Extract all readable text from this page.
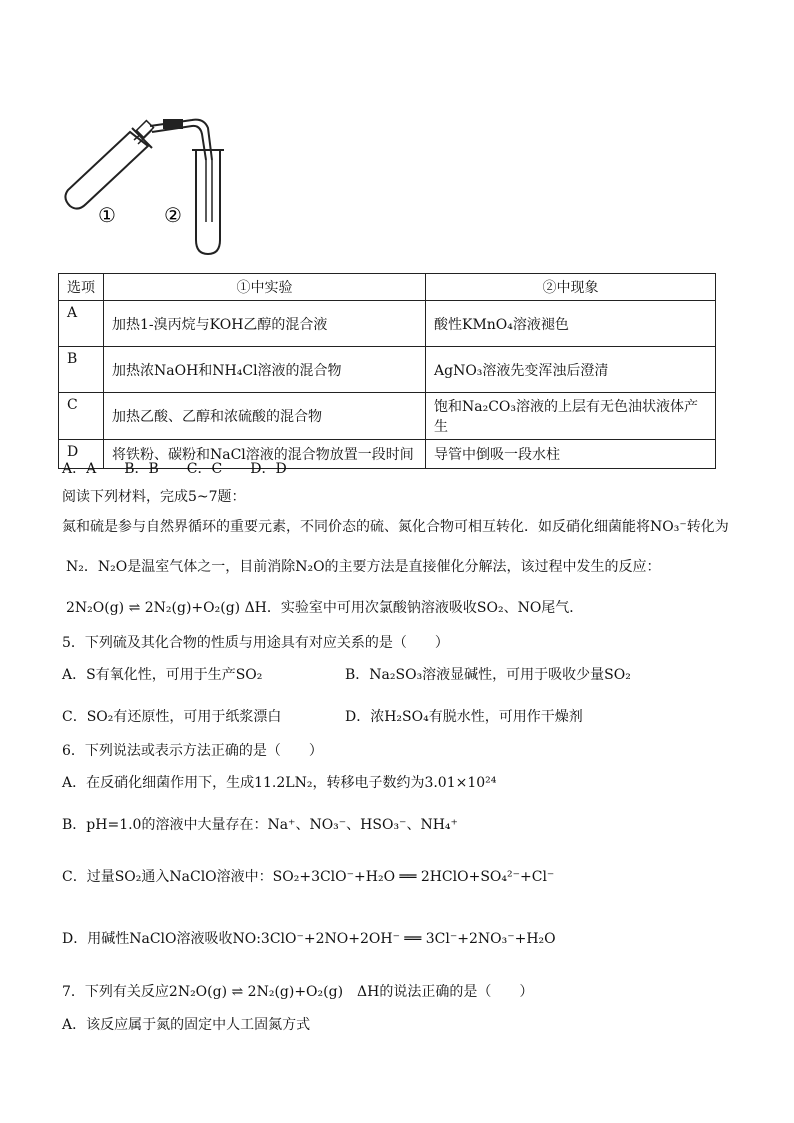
① ②
选项	①中实验	②中现象
A	加热1-溴丙烷与KOH乙醇的混合液	酸性KMnO₄溶液褪色
B	加热浓NaOH和NH₄Cl溶液的混合物	AgNO₃溶液先变浑浊后澄清
C	加热乙酸、乙醇和浓硫酸的混合物	饱和Na₂CO₃溶液的上层有无色油状液体产生
D	将铁粉、碳粉和NaCl溶液的混合物放置一段时间	导管中倒吸一段水柱
A．A　　B．B　　C．C　　D．D
阅读下列材料，完成5~7题：
氮和硫是参与自然界循环的重要元素，不同价态的硫、氮化合物可相互转化．如反硝化细菌能将NO₃⁻转化为
N₂．N₂O是温室气体之一，目前消除N₂O的主要方法是直接催化分解法，该过程中发生的反应：
2N₂O(g) ⇌ 2N₂(g)+O₂(g) ΔH．实验室中可用次氯酸钠溶液吸收SO₂、NO尾气．
5．下列硫及其化合物的性质与用途具有对应关系的是（　　）
A．S有氧化性，可用于生产SO₂	B．Na₂SO₃溶液显碱性，可用于吸收少量SO₂
C．SO₂有还原性，可用于纸浆漂白	D．浓H₂SO₄有脱水性，可用作干燥剂
6．下列说法或表示方法正确的是（　　）
A．在反硝化细菌作用下，生成11.2LN₂，转移电子数约为3.01×10²⁴
B．pH=1.0的溶液中大量存在：Na⁺、NO₃⁻、HSO₃⁻、NH₄⁺
C．过量SO₂通入NaClO溶液中：SO₂+3ClO⁻+H₂O ══ 2HClO+SO₄²⁻+Cl⁻
D．用碱性NaClO溶液吸收NO:3ClO⁻+2NO+2OH⁻ ══ 3Cl⁻+2NO₃⁻+H₂O
7．下列有关反应2N₂O(g) ⇌ 2N₂(g)+O₂(g)　ΔH的说法正确的是（　　）
A．该反应属于氮的固定中人工固氮方式
